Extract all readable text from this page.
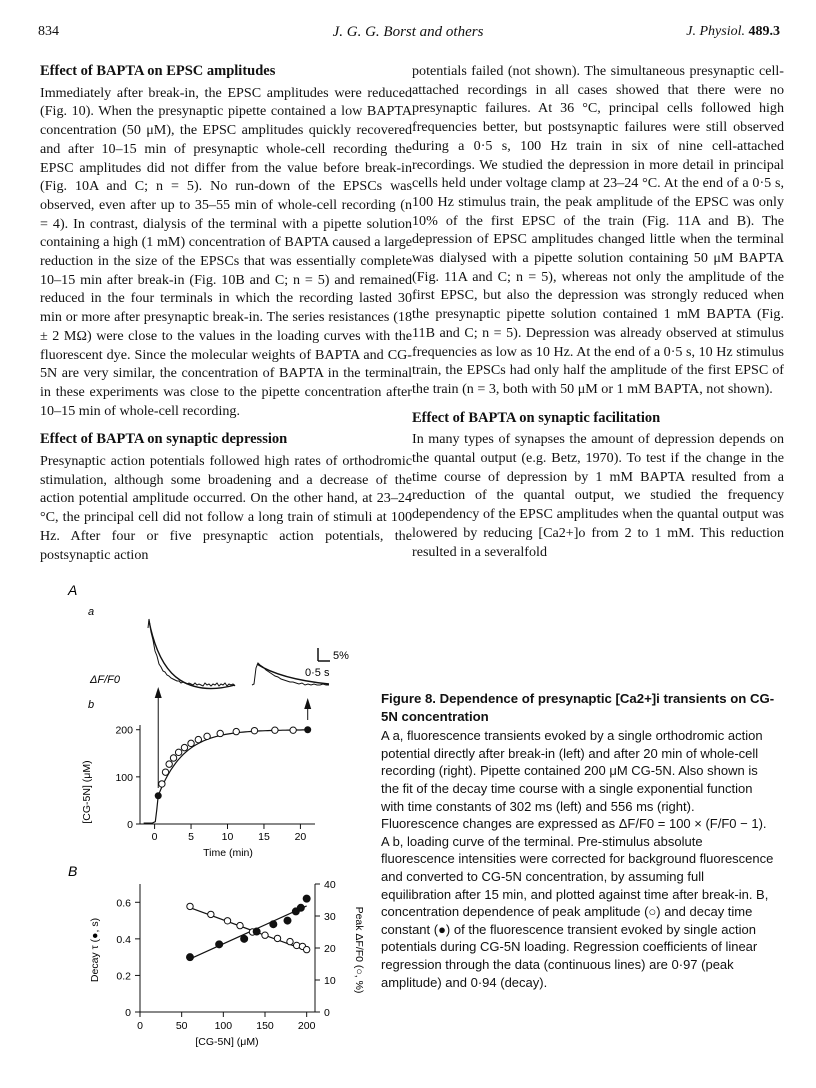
834	J. G. G. Borst and others	J. Physiol. 489.3
Effect of BAPTA on EPSC amplitudes

Immediately after break-in, the EPSC amplitudes were reduced (Fig. 10). When the presynaptic pipette contained a low BAPTA concentration (50 μM), the EPSC amplitudes quickly recovered and after 10–15 min of presynaptic whole-cell recording the EPSC amplitudes did not differ from the value before break-in (Fig. 10A and C; n = 5). No run-down of the EPSCs was observed, even after up to 35–55 min of whole-cell recording (n = 4). In contrast, dialysis of the terminal with a pipette solution containing a high (1 mM) concentration of BAPTA caused a large reduction in the size of the EPSCs that was essentially complete 10–15 min after break-in (Fig. 10B and C; n = 5) and remained reduced in the four terminals in which the recording lasted 30 min or more after presynaptic break-in. The series resistances (18 ± 2 MΩ) were close to the values in the loading curves with the fluorescent dye. Since the molecular weights of BAPTA and CG-5N are very similar, the concentration of BAPTA in the terminal in these experiments was close to the pipette concentration after 10–15 min of whole-cell recording.

Effect of BAPTA on synaptic depression

Presynaptic action potentials followed high rates of orthodromic stimulation, although some broadening and a decrease of the action potential amplitude occurred. On the other hand, at 23–24 °C, the principal cell did not follow a long train of stimuli at 100 Hz. After four or five presynaptic action potentials, the postsynaptic action

potentials failed (not shown). The simultaneous presynaptic cell-attached recordings in all cases showed that there were no presynaptic failures. At 36 °C, principal cells followed high frequencies better, but postsynaptic failures were still observed during a 0·5 s, 100 Hz train in six of nine cell-attached recordings. We studied the depression in more detail in principal cells held under voltage clamp at 23–24 °C. At the end of a 0·5 s, 100 Hz stimulus train, the peak amplitude of the EPSC was only 10% of the first EPSC of the train (Fig. 11A and B). The depression of EPSC amplitudes changed little when the terminal was dialysed with a pipette solution containing 50 μM BAPTA (Fig. 11A and C; n = 5), whereas not only the amplitude of the first EPSC, but also the depression was strongly reduced when the presynaptic pipette solution contained 1 mM BAPTA (Fig. 11B and C; n = 5). Depression was already observed at stimulus frequencies as low as 10 Hz. At the end of a 0·5 s, 10 Hz stimulus train, the EPSCs had only half the amplitude of the first EPSC of the train (n = 3, both with 50 μM or 1 mM BAPTA, not shown).

Effect of BAPTA on synaptic facilitation

In many types of synapses the amount of depression depends on the quantal output (e.g. Betz, 1970). To test if the change in the time course of depression by 1 mM BAPTA resulted from a reduction of the quantal output, we studied the frequency dependency of the EPSC amplitudes when the quantal output was lowered by reducing [Ca2+]o from 2 to 1 mM. This reduction resulted in a severalfold

A
a
ΔF/F0
5%
0·5 s
b
[CG-5N] (μM)
0
100
200
0	5	10 15 20
Time (min)
B
Decay τ (●, s)	Peak ΔF/F0 (○, %)
0
0.2
0.4
0.6
0
10
20
30
40
0	50	100 150 200
[CG-5N] (μM)
Figure 8. Dependence of presynaptic [Ca2+]i transients on CG-5N concentration
A a, fluorescence transients evoked by a single orthodromic action potential directly after break-in (left) and after 20 min of whole-cell recording (right). Pipette contained 200 μM CG-5N. Also shown is the fit of the decay time course with a single exponential function with time constants of 302 ms (left) and 556 ms (right). Fluorescence changes are expressed as ΔF/F0 = 100 × (F/F0 − 1). A b, loading curve of the terminal. Pre-stimulus absolute fluorescence intensities were corrected for background fluorescence and converted to CG-5N concentration, by assuming full equilibration after 15 min, and plotted against time after break-in. B, concentration dependence of peak amplitude (○) and decay time constant (●) of the fluorescence transient evoked by single action potentials during CG-5N loading. Regression coefficients of linear regression through the data (continuous lines) are 0·97 (peak amplitude) and 0·94 (decay).
